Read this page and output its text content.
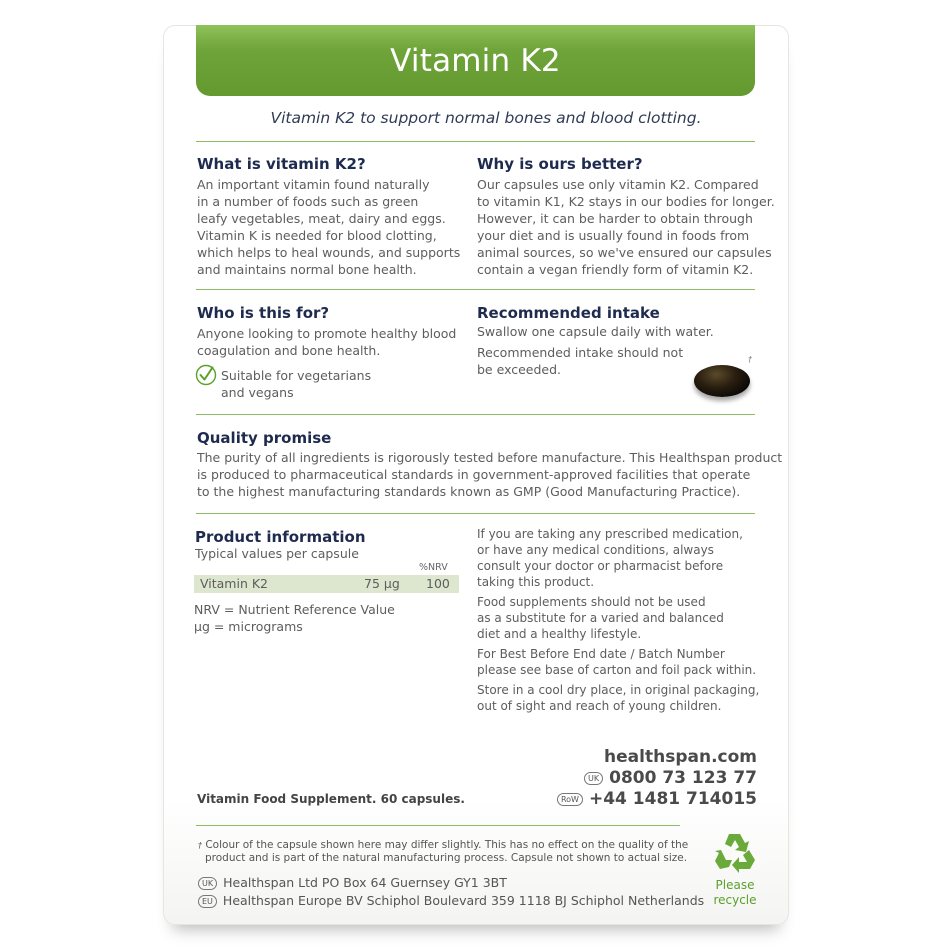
Vitamin K2
Vitamin K2 to support normal bones and blood clotting.
What is vitamin K2?

An important vitamin found naturally
in a number of foods such as green
leafy vegetables, meat, dairy and eggs.
Vitamin K is needed for blood clotting,
which helps to heal wounds, and supports
and maintains normal bone health.

Why is ours better?

Our capsules use only vitamin K2. Compared
to vitamin K1, K2 stays in our bodies for longer.
However, it can be harder to obtain through
your diet and is usually found in foods from
animal sources, so we've ensured our capsules
contain a vegan friendly form of vitamin K2.

Who is this for?

Anyone looking to promote healthy blood
coagulation and bone health.

Suitable for vegetarians
and vegans

Recommended intake

Swallow one capsule daily with water.

Recommended intake should not
be exceeded.

†
Quality promise

The purity of all ingredients is rigorously tested before manufacture. This Healthspan product
is produced to pharmaceutical standards in government-approved facilities that operate
to the highest manufacturing standards known as GMP (Good Manufacturing Practice).

Product information

Typical values per capsule

%NRV
Vitamin K2	75 µg 100

NRV = Nutrient Reference Value
µg = micrograms

If you are taking any prescribed medication,
or have any medical conditions, always
consult your doctor or pharmacist before
taking this product.

Food supplements should not be used
as a substitute for a varied and balanced
diet and a healthy lifestyle.

For Best Before End date / Batch Number
please see base of carton and foil pack within.

Store in a cool dry place, in original packaging,
out of sight and reach of young children.

healthspan.com
UK 0800 73 123 77
RoW +44 1481 714015
Vitamin Food Supplement. 60 capsules.
† Colour of the capsule shown here may differ slightly. This has no effect on the quality of the
product and is part of the natural manufacturing process. Capsule not shown to actual size.
UK Healthspan Ltd PO Box 64 Guernsey GY1 3BT
EU Healthspan Europe BV Schiphol Boulevard 359 1118 BJ Schiphol Netherlands
Please
recycle
